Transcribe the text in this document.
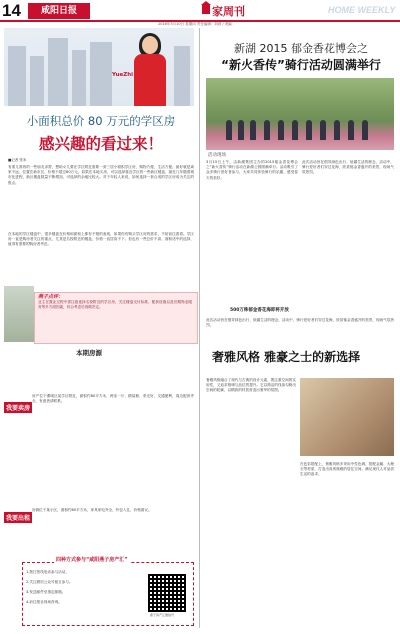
14	咸阳日报	家周刊	HOME WEEKLY
2016年3月10日 星期四 责任编辑：刘莉 / 美编：
YueZhi
小面积总价 80 万元的学区房
感兴趣的看过来！
■记者 张米
有准儿准孩的一些朋友求帮，想给女儿要在学区附近需要一套三居小面积学区房，购物方便、生活方便。最好就是离家不远、位置在新市区，价格不超过80万元。如果在本地买房，可以选择靠近学区的一些新区楼盘，最近几年随着城市化进程，新区楼盘数量不断增加，可选择的余地比较大。对于年轻人来说，如何选择一套合适的学区房成为关注的焦点。
在本地的学区楼盘中，很多楼盘在价格和面积上都有不错的表现，如果你有购买学区房的需求，不妨前往看看。学区房一直是购房者关注的重点，尤其是名校附近的楼盘，价格一直居高不下。但也有一些总价不高、面积适中的选择，值得有需要的购房者考虑。
燕子点评：
业主在置业过程中需注意选择名校附近的学区房，关注楼盘交付标准、配套设施以及后期物业服务等多方面因素，综合考虑后再做决定。
本期房源
我要卖房
房产位于渭城区某学区附近，面积约80平方米，两室一厅，精装修，采光好，交通便利，周边配套齐全，有意者请联系。
我要出租
房源位于某小区，面积约60平方米，家具家电齐全，拎包入住，价格面议。
四种方式参与“咸阳燕子房产汇”
1.拨打热线电话参与活动。
2.关注微信公众号留言参与。
3.发送邮件至指定邮箱。
4.前往报社现场咨询。
燕子房产汇微信号
新湖 2015 郁金香花博会之
“新火香传”骑行活动圆满举行
活动现场
3月15日上午，由新湖集团主办的2015郁金香花博会之“新火香传”骑行活动在新湖公园圆满举行。活动吸引了众多骑行爱好者参与，大家共同体验骑行的乐趣，感受春天的美好。
此次活动旨在倡导绿色出行、低碳生活的理念，活动中，骑行爱好者们穿过花海，欣赏郁金香盛开的美景，现场气氛热烈。
500万株郁金香花海即将开放
此次活动旨在倡导绿色出行、低碳生活的理念，活动中，骑行爱好者们穿过花海，欣赏郁金香盛开的美景，现场气氛热烈。
奢雅风格 雅豪之士的新选择
奢雅风格融合了现代与古典的设计元素，既注重空间的实用性，又追求格调与品位的提升。它以简洁的线条勾勒出空间的轮廓，以精致的材质营造出奢华的氛围。
在色彩搭配上，奢雅风格多采用中性色调，搭配金属、大理石等材质，打造出高贵典雅的居住空间，满足现代人对品质生活的追求。
